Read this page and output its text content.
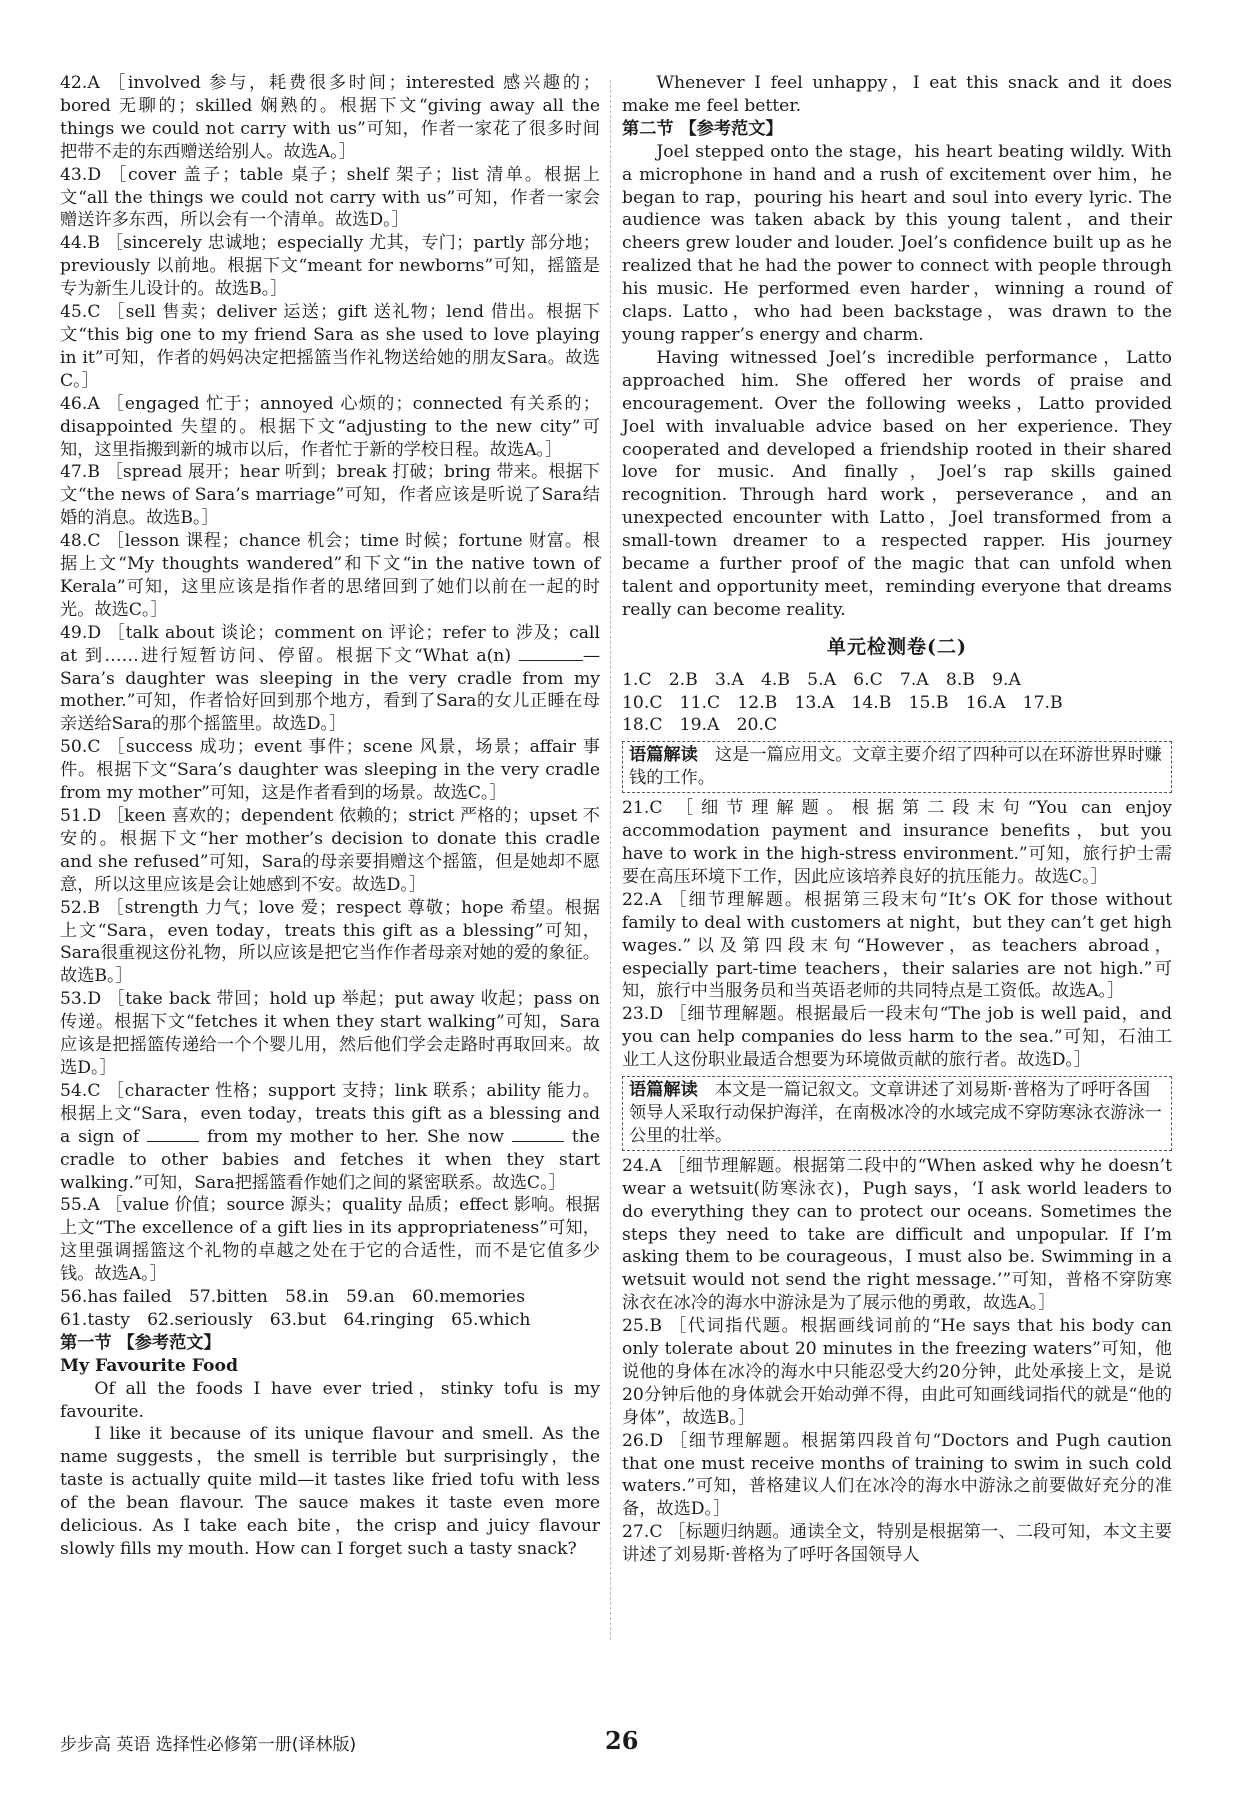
42.A ［involved 参与，耗费很多时间；interested 感兴趣的；bored 无聊的；skilled 娴熟的。根据下文“giving away all the things we could not carry with us”可知，作者一家花了很多时间把带不走的东西赠送给别人。故选A。］

43.D ［cover 盖子；table 桌子；shelf 架子；list 清单。根据上文“all the things we could not carry with us”可知，作者一家会赠送许多东西，所以会有一个清单。故选D。］

44.B ［sincerely 忠诚地；especially 尤其，专门；partly 部分地；previously 以前地。根据下文“meant for newborns”可知，摇篮是专为新生儿设计的。故选B。］

45.C ［sell 售卖；deliver 运送；gift 送礼物；lend 借出。根据下文“this big one to my friend Sara as she used to love playing in it”可知，作者的妈妈决定把摇篮当作礼物送给她的朋友Sara。故选C。］

46.A ［engaged 忙于；annoyed 心烦的；connected 有关系的；disappointed 失望的。根据下文“adjusting to the new city”可知，这里指搬到新的城市以后，作者忙于新的学校日程。故选A。］

47.B ［spread 展开；hear 听到；break 打破；bring 带来。根据下文“the news of Sara’s marriage”可知，作者应该是听说了Sara结婚的消息。故选B。］

48.C ［lesson 课程；chance 机会；time 时候；fortune 财富。根据上文“My thoughts wandered”和下文“in the native town of Kerala”可知，这里应该是指作者的思绪回到了她们以前在一起的时光。故选C。］

49.D ［talk about 谈论；comment on 评论；refer to 涉及；call at 到……进行短暂访问、停留。根据下文“What a(n)	—Sara’s daughter was sleeping in the very cradle from my mother.”可知，作者恰好回到那个地方，看到了Sara的女儿正睡在母亲送给Sara的那个摇篮里。故选D。］

50.C ［success 成功；event 事件；scene 风景，场景；affair 事件。根据下文“Sara’s daughter was sleeping in the very cradle from my mother”可知，这是作者看到的场景。故选C。］

51.D ［keen 喜欢的；dependent 依赖的；strict 严格的；upset 不安的。根据下文“her mother’s decision to donate this cradle and she refused”可知，Sara的母亲要捐赠这个摇篮，但是她却不愿意，所以这里应该是会让她感到不安。故选D。］

52.B ［strength 力气；love 爱；respect 尊敬；hope 希望。根据上文“Sara，even today，treats this gift as a blessing”可知，Sara很重视这份礼物，所以应该是把它当作作者母亲对她的爱的象征。故选B。］

53.D ［take back 带回；hold up 举起；put away 收起；pass on 传递。根据下文“fetches it when they start walking”可知，Sara应该是把摇篮传递给一个个婴儿用，然后他们学会走路时再取回来。故选D。］

54.C ［character 性格；support 支持；link 联系；ability 能力。根据上文“Sara，even today，treats this gift as a blessing and a sign of	from my mother to her. She now	the cradle to other babies and fetches it when they start walking.”可知，Sara把摇篮看作她们之间的紧密联系。故选C。］

55.A ［value 价值；source 源头；quality 品质；effect 影响。根据上文“The excellence of a gift lies in its appropriateness”可知，这里强调摇篮这个礼物的卓越之处在于它的合适性，而不是它值多少钱。故选A。］

56.has failed　57.bitten　58.in　59.an　60.memories

61.tasty　62.seriously　63.but　64.ringing　65.which

第一节 【参考范文】

My Favourite Food

Of all the foods I have ever tried，stinky tofu is my favourite.

I like it because of its unique flavour and smell. As the name suggests，the smell is terrible but surprisingly，the taste is actually quite mild—it tastes like fried tofu with less of the bean flavour. The sauce makes it taste even more delicious. As I take each bite，the crisp and juicy flavour slowly fills my mouth. How can I forget such a tasty snack?

Whenever I feel unhappy，I eat this snack and it does make me feel better.

第二节 【参考范文】

Joel stepped onto the stage，his heart beating wildly. With a microphone in hand and a rush of excitement over him，he began to rap，pouring his heart and soul into every lyric. The audience was taken aback by this young talent，and their cheers grew louder and louder. Joel’s confidence built up as he realized that he had the power to connect with people through his music. He performed even harder，winning a round of claps. Latto，who had been backstage，was drawn to the young rapper’s energy and charm.

Having witnessed Joel’s incredible performance，Latto approached him. She offered her words of praise and encouragement. Over the following weeks，Latto provided Joel with invaluable advice based on her experience. They cooperated and developed a friendship rooted in their shared love for music. And finally，Joel’s rap skills gained recognition. Through hard work，perseverance，and an unexpected encounter with Latto，Joel transformed from a small-town dreamer to a respected rapper. His journey became a further proof of the magic that can unfold when talent and opportunity meet，reminding everyone that dreams really can become reality.

单元检测卷(二)

1.C　2.B　3.A　4.B　5.A　6.C　7.A　8.B　9.A

10.C　11.C　12.B　13.A　14.B　15.B　16.A　17.B

18.C　19.A　20.C

语篇解读　这是一篇应用文。文章主要介绍了四种可以在环游世界时赚钱的工作。

21.C ［细节理解题。根据第二段末句“You can enjoy accommodation payment and insurance benefits，but you have to work in the high-stress environment.”可知，旅行护士需要在高压环境下工作，因此应该培养良好的抗压能力。故选C。］

22.A ［细节理解题。根据第三段末句“It’s OK for those without family to deal with customers at night，but they can’t get high wages.”以及第四段末句“However，as teachers abroad，especially part-time teachers，their salaries are not high.”可知，旅行中当服务员和当英语老师的共同特点是工资低。故选A。］

23.D ［细节理解题。根据最后一段末句“The job is well paid，and you can help companies do less harm to the sea.”可知，石油工业工人这份职业最适合想要为环境做贡献的旅行者。故选D。］

语篇解读　本文是一篇记叙文。文章讲述了刘易斯·普格为了呼吁各国领导人采取行动保护海洋，在南极冰冷的水域完成不穿防寒泳衣游泳一公里的壮举。

24.A ［细节理解题。根据第二段中的“When asked why he doesn’t wear a wetsuit(防寒泳衣)，Pugh says，‘I ask world leaders to do everything they can to protect our oceans. Sometimes the steps they need to take are difficult and unpopular. If I’m asking them to be courageous，I must also be. Swimming in a wetsuit would not send the right message.’”可知，普格不穿防寒泳衣在冰冷的海水中游泳是为了展示他的勇敢，故选A。］

25.B ［代词指代题。根据画线词前的“He says that his body can only tolerate about 20 minutes in the freezing waters”可知，他说他的身体在冰冷的海水中只能忍受大约20分钟，此处承接上文，是说20分钟后他的身体就会开始动弹不得，由此可知画线词指代的就是“他的身体”，故选B。］

26.D ［细节理解题。根据第四段首句“Doctors and Pugh caution that one must receive months of training to swim in such cold waters.”可知，普格建议人们在冰冷的海水中游泳之前要做好充分的准备，故选D。］

27.C ［标题归纳题。通读全文，特别是根据第一、二段可知，本文主要讲述了刘易斯·普格为了呼吁各国领导人

步步高 英语 选择性必修第一册(译林版)	26
